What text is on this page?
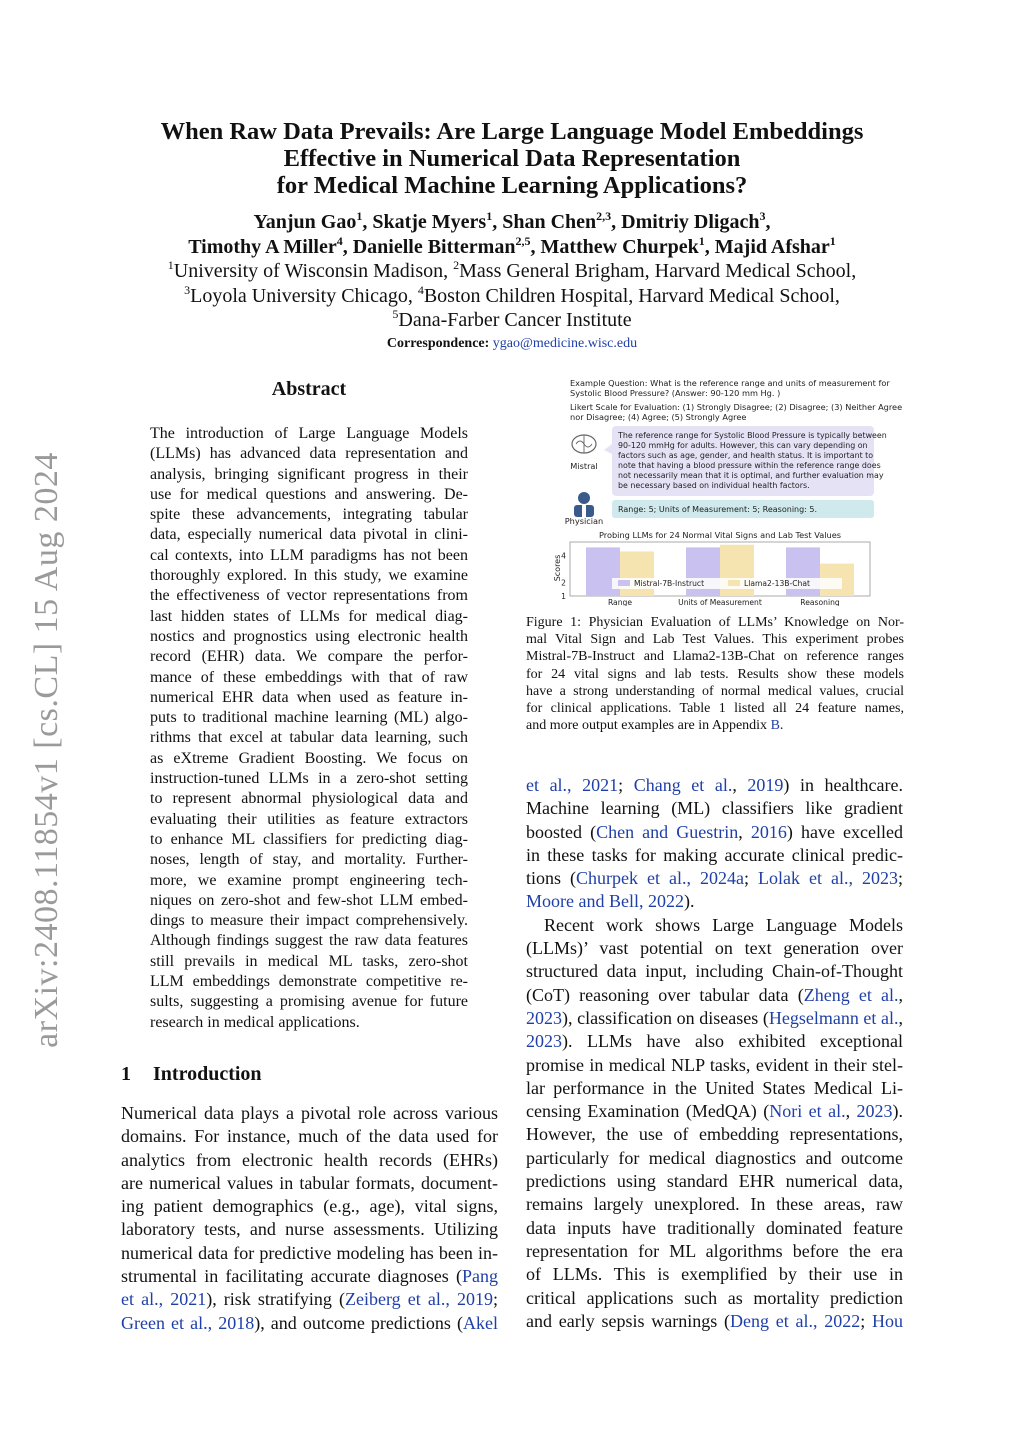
arXiv:2408.11854v1 [cs.CL] 15 Aug 2024
When Raw Data Prevails: Are Large Language Model Embeddings
Effective in Numerical Data Representation
for Medical Machine Learning Applications?
Yanjun Gao$^1$, Skatje Myers$^1$, Shan Chen$^{2,3}$, Dmitriy Dligach$^3$,
Timothy A Miller$^4$, Danielle Bitterman$^{2,5}$, Matthew Churpek$^1$, Majid Afshar$^1$
$^1$University of Wisconsin Madison, $^2$Mass General Brigham, Harvard Medical School,
$^3$Loyola University Chicago, $^4$Boston Children Hospital, Harvard Medical School,
$^5$Dana-Farber Cancer Institute
Correspondence: ygao@medicine.wisc.edu
Abstract
The introduction of Large Language Models
(LLMs) has advanced data representation and
analysis, bringing significant progress in their
use for medical questions and answering. De-
spite these advancements, integrating tabular
data, especially numerical data pivotal in clini-
cal contexts, into LLM paradigms has not been
thoroughly explored. In this study, we examine
the effectiveness of vector representations from
last hidden states of LLMs for medical diag-
nostics and prognostics using electronic health
record (EHR) data. We compare the perfor-
mance of these embeddings with that of raw
numerical EHR data when used as feature in-
puts to traditional machine learning (ML) algo-
rithms that excel at tabular data learning, such
as eXtreme Gradient Boosting. We focus on
instruction-tuned LLMs in a zero-shot setting
to represent abnormal physiological data and
evaluating their utilities as feature extractors
to enhance ML classifiers for predicting diag-
noses, length of stay, and mortality. Further-
more, we examine prompt engineering tech-
niques on zero-shot and few-shot LLM embed-
dings to measure their impact comprehensively.
Although findings suggest the raw data features
still prevails in medical ML tasks, zero-shot
LLM embeddings demonstrate competitive re-
sults, suggesting a promising avenue for future
research in medical applications.
1 Introduction
Numerical data plays a pivotal role across various
domains. For instance, much of the data used for
analytics from electronic health records (EHRs)
are numerical values in tabular formats, document-
ing patient demographics (e.g., age), vital signs,
laboratory tests, and nurse assessments. Utilizing
numerical data for predictive modeling has been in-
strumental in facilitating accurate diagnoses (Pang
et al., 2021), risk stratifying (Zeiberg et al., 2019;
Green et al., 2018), and outcome predictions (Akel
Example Question: What is the reference range and units of measurement for
Systolic Blood Pressure? (Answer: 90-120 mm Hg. )
Likert Scale for Evaluation: (1) Strongly Disagree; (2) Disagree; (3) Neither Agree
nor Disagree; (4) Agree; (5) Strongly Agree
Mistral
The reference range for Systolic Blood Pressure is typically between
90-120 mmHg for adults. However, this can vary depending on
factors such as age, gender, and health status. It is important to
note that having a blood pressure within the reference range does
not necessarily mean that it is optimal, and further evaluation may
be necessary based on individual health factors.
Physician
Range: 5; Units of Measurement: 5; Reasoning: 5.
Probing LLMs for 24 Normal Vital Signs and Lab Test Values
Scores
Range	Units of Measurement	Reasoning
1
2
4
Mistral-7B-Instruct	Llama2-13B-Chat
Figure 1: Physician Evaluation of LLMs’ Knowledge on Nor-
mal Vital Sign and Lab Test Values. This experiment probes
Mistral-7B-Instruct and Llama2-13B-Chat on reference ranges
for 24 vital signs and lab tests. Results show these models
have a strong understanding of normal medical values, crucial
for clinical applications. Table 1 listed all 24 feature names,
and more output examples are in Appendix B.
et al., 2021; Chang et al., 2019) in healthcare.
Machine learning (ML) classifiers like gradient
boosted (Chen and Guestrin, 2016) have excelled
in these tasks for making accurate clinical predic-
tions (Churpek et al., 2024a; Lolak et al., 2023;
Moore and Bell, 2022).
Recent work shows Large Language Models
(LLMs)’ vast potential on text generation over
structured data input, including Chain-of-Thought
(CoT) reasoning over tabular data (Zheng et al.,
2023), classification on diseases (Hegselmann et al.,
2023). LLMs have also exhibited exceptional
promise in medical NLP tasks, evident in their stel-
lar performance in the United States Medical Li-
censing Examination (MedQA) (Nori et al., 2023).
However, the use of embedding representations,
particularly for medical diagnostics and outcome
predictions using standard EHR numerical data,
remains largely unexplored. In these areas, raw
data inputs have traditionally dominated feature
representation for ML algorithms before the era
of LLMs. This is exemplified by their use in
critical applications such as mortality prediction
and early sepsis warnings (Deng et al., 2022; Hou
